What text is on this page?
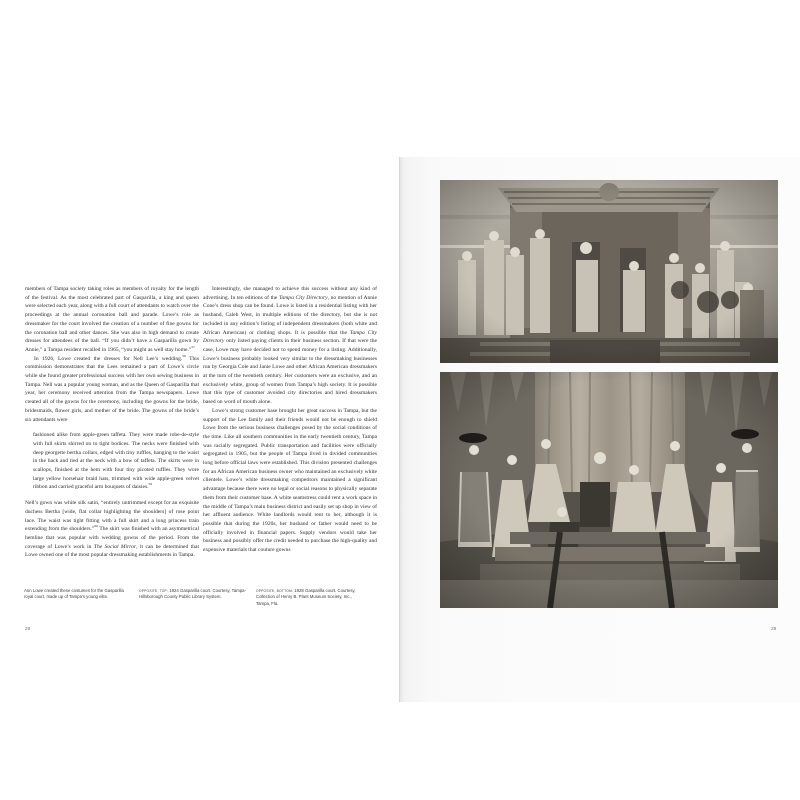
members of Tampa society taking roles as members of royalty for the length of the festival. As the most celebrated part of Gasparilla, a king and queen were selected each year, along with a full court of attendants to watch over the proceedings at the annual coronation ball and parade. Lowe’s role as dressmaker for the court involved the creation of a number of fine gowns for the coronation ball and other dances. She was also in high demand to create dresses for attendees of the ball. “If you didn’t have a Gasparilla gown by Annie,” a Tampa resident recalled in 1965, “you might as well stay home.”$^{57}$

In 1926, Lowe created the dresses for Nell Lee’s wedding.$^{58}$ This commission demonstrates that the Lees remained a part of Lowe’s circle while she found greater professional success with her own sewing business in Tampa. Nell was a popular young woman, and as the Queen of Gasparilla that year, her ceremony received attention from the Tampa newspapers. Lowe created all of the gowns for the ceremony, including the gowns for the bride, bridesmaids, flower girls, and mother of the bride. The gowns of the bride’s six attendants were

fashioned alike from apple-green taffeta. They were made robe-de-style with full skirts shirred on to tight bodices. The necks were finished with deep georgette bertha collars, edged with tiny ruffles, hanging to the waist in the back and tied at the neck with a bow of taffeta. The skirts were in scallops, finished at the hem with four tiny picoted ruffles. They wore large yellow horsehair braid hats, trimmed with wide apple-green velvet ribbon and carried graceful arm bouquets of daisies.$^{59}$

Nell’s gown was white silk satin, “entirely untrimmed except for an exquisite duchess Bertha [wide, flat collar highlighting the shoulders] of rose point lace. The waist was tight fitting with a full skirt and a long princess train extending from the shoulders.”$^{60}$ The skirt was finished with an asymmetrical hemline that was popular with wedding gowns of the period. From the coverage of Lowe’s work in The Social Mirror, it can be determined that Lowe owned one of the most popular dressmaking establishments in Tampa.

Interestingly, she managed to achieve this success without any kind of advertising. In ten editions of the Tampa City Directory, no mention of Annie Cone’s dress shop can be found. Lowe is listed in a residential listing with her husband, Caleb West, in multiple editions of the directory, but she is not included in any edition’s listing of independent dressmakers (both white and African American) or clothing shops. It is possible that the Tampa City Directory only listed paying clients in their business section. If that were the case, Lowe may have decided not to spend money for a listing. Additionally, Lowe’s business probably looked very similar to the dressmaking businesses run by Georgia Cole and Janie Lowe and other African American dressmakers at the turn of the twentieth century. Her customers were an exclusive, and an exclusively white, group of women from Tampa’s high society. It is possible that this type of customer avoided city directories and hired dressmakers based on word of mouth alone.

Lowe’s strong customer base brought her great success in Tampa, but the support of the Lee family and their friends would not be enough to shield Lowe from the serious business challenges posed by the social conditions of the time. Like all southern communities in the early twentieth century, Tampa was racially segregated. Public transportation and facilities were officially segregated in 1905, but the people of Tampa lived in divided communities long before official laws were established. This division presented challenges for an African American business owner who maintained an exclusively white clientele. Lowe’s white dressmaking competitors maintained a significant advantage because there were no legal or social reasons to physically separate them from their customer base. A white seamstress could rent a work space in the middle of Tampa’s main business district and easily set up shop in view of her affluent audience. White landlords would rent to her, although it is possible that during the 1920s, her husband or father would need to be officially involved in financial papers. Supply vendors would take her business and possibly offer the credit needed to purchase the high-quality and expensive materials that couture gowns

Ann Lowe created these costumes for the Gasparilla royal court, made up of Tampa’s young elite.
OPPOSITE, TOP: 1924 Gasparilla court. Courtesy, Tampa-Hillsborough County Public Library System.
OPPOSITE, BOTTOM: 1928 Gasparilla court. Courtesy, Collection of Henry B. Plant Museum Society, Inc., Tampa, Fla.
28	29
